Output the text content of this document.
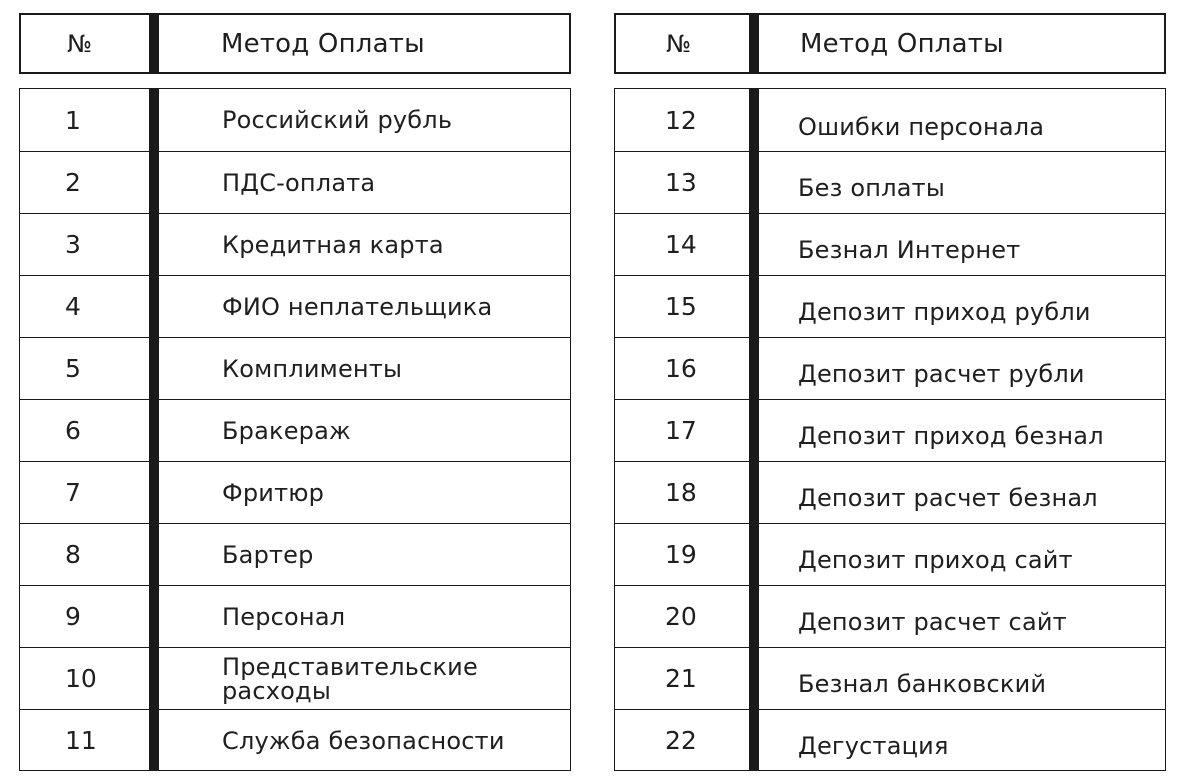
№	Метод Оплаты
1	Российский рубль
2	ПДС-оплата
3	Кредитная карта
4	ФИО неплательщика
5	Комплименты
6	Бракераж
7	Фритюр
8	Бартер
9	Персонал
10	Представительские расходы
11	Служба безопасности
№	Метод Оплаты
12	Ошибки персонала
13	Без оплаты
14	Безнал Интернет
15	Депозит приход рубли
16	Депозит расчет рубли
17	Депозит приход безнал
18	Депозит расчет безнал
19	Депозит приход сайт
20	Депозит расчет сайт
21	Безнал банковский
22	Дегустация
